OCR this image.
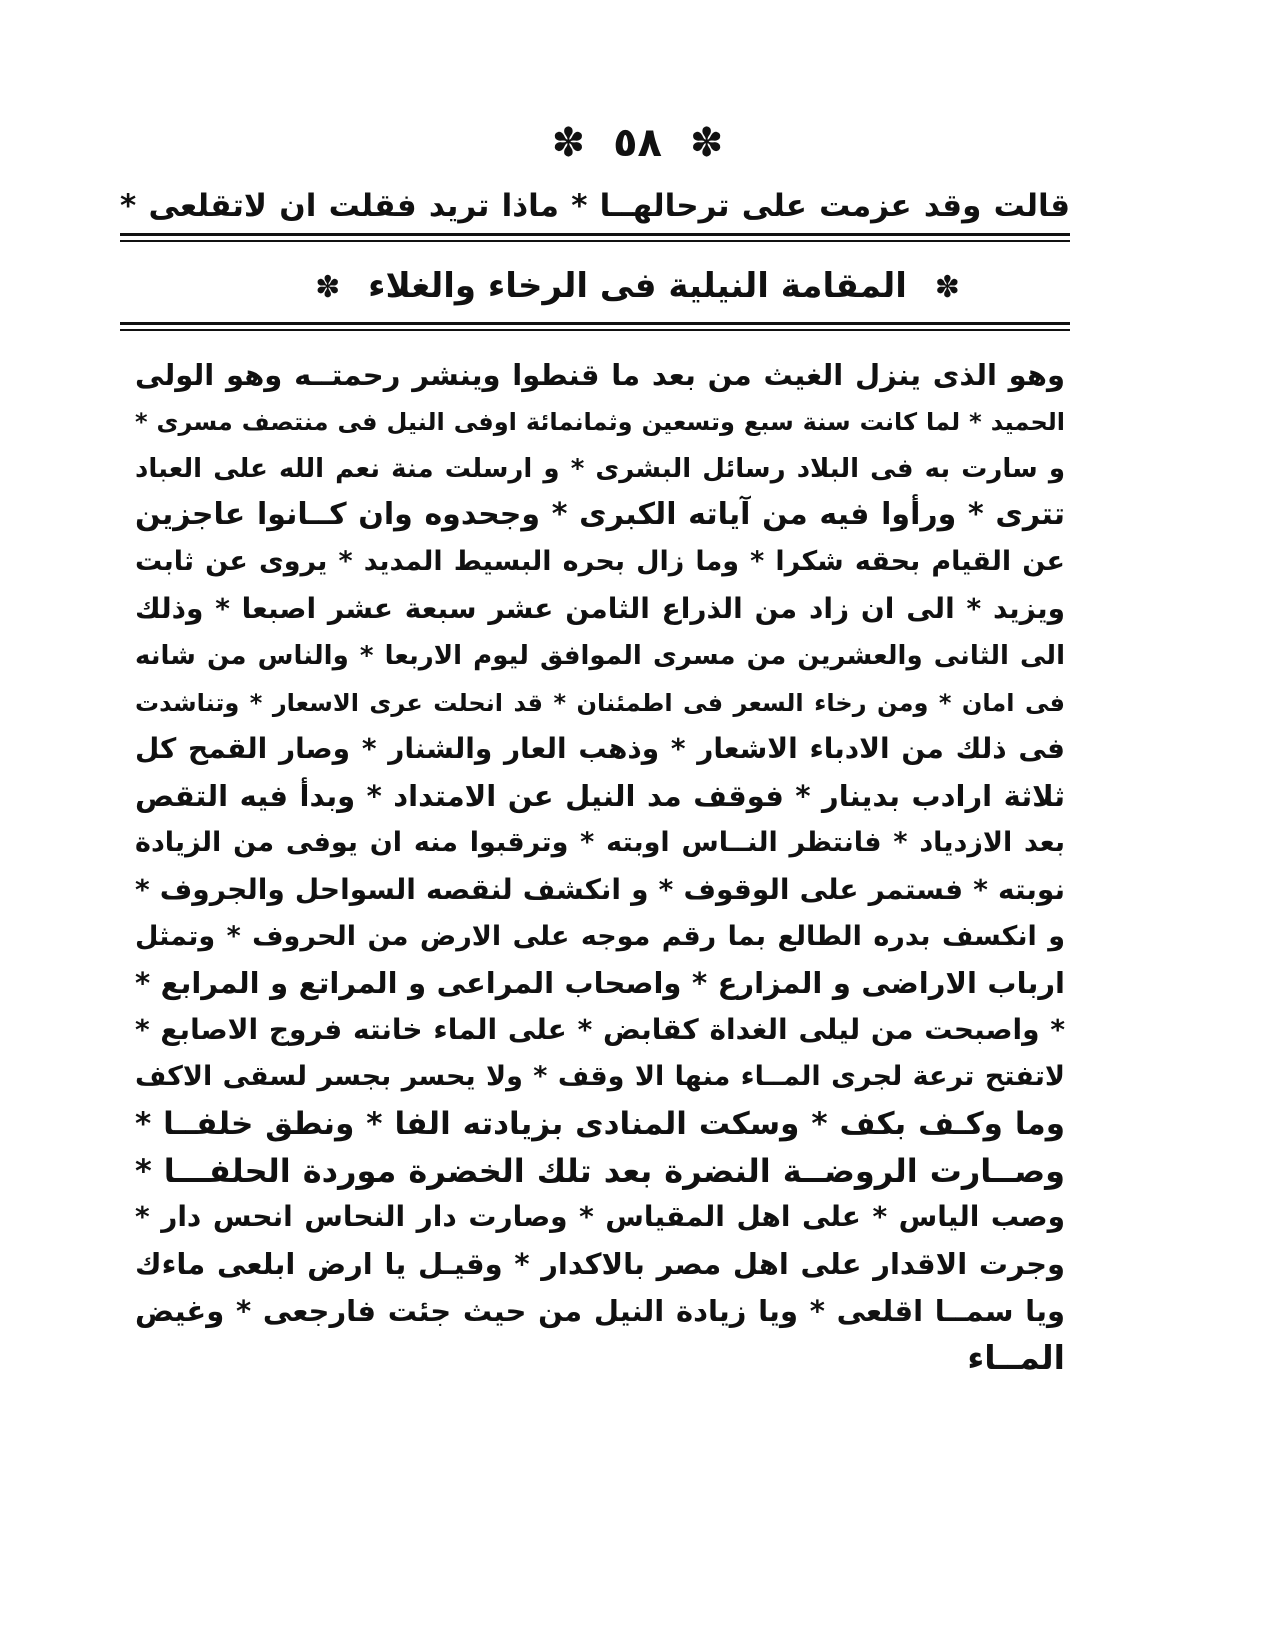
✽ ٥٨ ✽
قالت وقد عزمت على ترحالهــا * ماذا تريد فقلت ان لاتقلعى *
✽ المقامة النيلية فى الرخاء والغلاء ✽
وهو الذى ينزل الغيث من بعد ما قنطوا وينشر رحمتــه وهو الولى
الحميد * لما كانت سنة سبع وتسعين وثمانمائة اوفى النيل فى منتصف مسرى *
و سارت به فى البلاد رسائل البشرى * و ارسلت منة نعم الله على العباد
تترى * ورأوا فيه من آياته الكبرى * وجحدوه وان كــانوا عاجزين
عن القيام بحقه شكرا * وما زال بحره البسيط المديد * يروى عن ثابت
ويزيد * الى ان زاد من الذراع الثامن عشر سبعة عشر اصبعا * وذلك
الى الثانى والعشرين من مسرى الموافق ليوم الاربعا * والناس من شانه
فى امان * ومن رخاء السعر فى اطمئنان * قد انحلت عرى الاسعار * وتناشدت
فى ذلك من الادباء الاشعار * وذهب العار والشنار * وصار القمح كل
ثلاثة ارادب بدينار * فوقف مد النيل عن الامتداد * وبدأ فيه التقص
بعد الازدياد * فانتظر النــاس اوبته * وترقبوا منه ان يوفى من الزيادة
نوبته * فستمر على الوقوف * و انكشف لنقصه السواحل والجروف *
و انكسف بدره الطالع بما رقم موجه على الارض من الحروف * وتمثل
ارباب الاراضى و المزارع * واصحاب المراعى و المراتع و المرابع *
* واصبحت من ليلى الغداة كقابض * على الماء خانته فروج الاصابع *
لاتفتح ترعة لجرى المــاء منها الا وقف * ولا يحسر بجسر لسقى الاكف
وما وكـف بكف * وسكت المنادى بزيادته الفا * ونطق خلفــا *
وصــارت الروضــة النضرة بعد تلك الخضرة موردة الحلفـــا *
وصب الياس * على اهل المقياس * وصارت دار النحاس انحس دار *
وجرت الاقدار على اهل مصر بالاكدار * وقيـل يا ارض ابلعى ماءك
ويا سمــا اقلعى * ويا زيادة النيل من حيث جئت فارجعى * وغيض
المــاء
